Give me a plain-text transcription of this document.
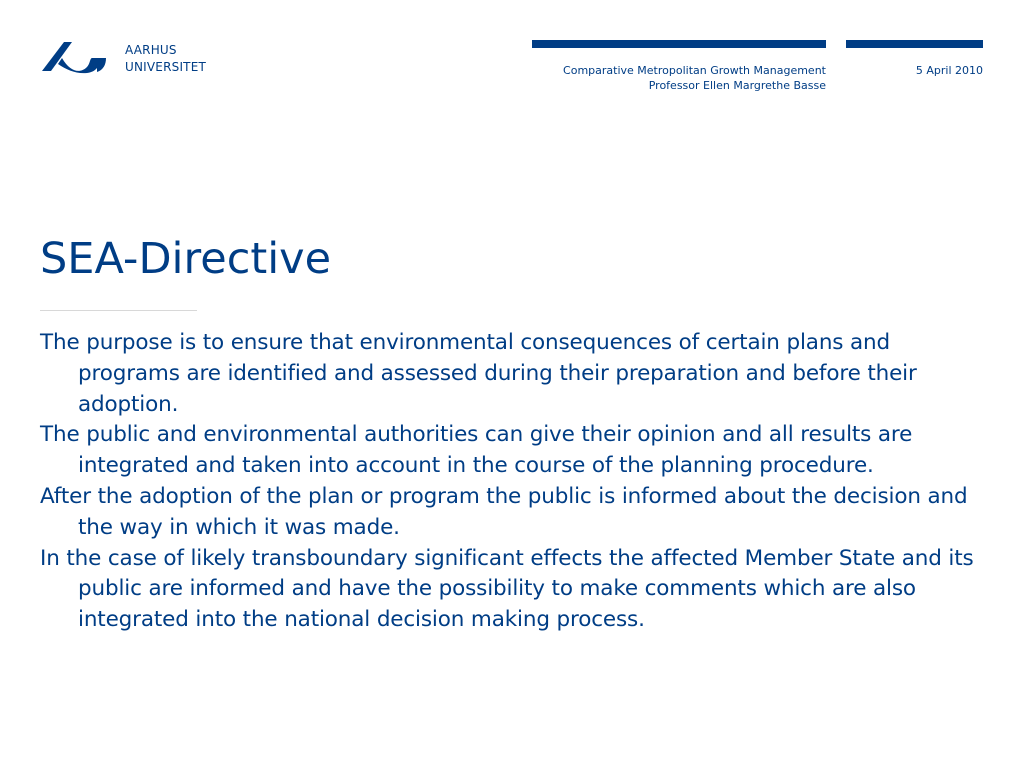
AARHUS
UNIVERSITET	Comparative Metropolitan Growth Management
Professor Ellen Margrethe Basse
5 April 2010
SEA-Directive
The purpose is to ensure that environmental consequences of certain plans and programs are identified and assessed during their preparation and before their adoption.
The public and environmental authorities can give their opinion and all results are integrated and taken into account in the course of the planning procedure.
After the adoption of the plan or program the public is informed about the decision and the way in which it was made.
In the case of likely transboundary significant effects the affected Member State and its public are informed and have the possibility to make comments which are also integrated into the national decision making process.
